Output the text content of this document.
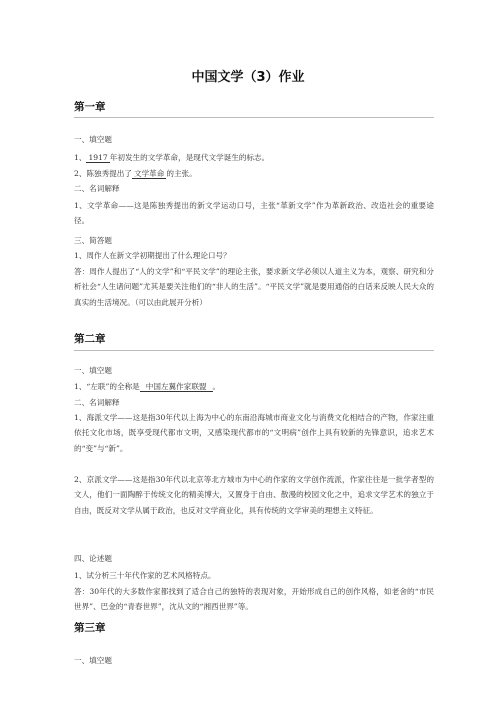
中国文学（3）作业
第一章
一、填空题
1、 1917 年初发生的文学革命，是现代文学诞生的标志。
2、陈独秀提出了 文学革命 的主张。
二、名词解释
1、文学革命——这是陈独秀提出的新文学运动口号，主张“革新文学”作为革新政治、改造社会的重要途径。
三、简答题
1、周作人在新文学初期提出了什么理论口号？
答：周作人提出了“人的文学”和“平民文学”的理论主张，要求新文学必须以人道主义为本，观察、研究和分析社会“人生诸问题”尤其是要关注他们的“非人的生活”。“平民文学”就是要用通俗的白话来反映人民大众的真实的生活境况。（可以由此展开分析）
第二章
一、填空题
1、“左联”的全称是 中国左翼作家联盟 。
二、名词解释
1、海派文学——这是指30年代以上海为中心的东南沿海城市商业文化与消费文化相结合的产物，作家注重依托文化市场，既享受现代都市文明，又感染现代都市的“文明病”创作上具有较新的先锋意识，追求艺术的“变”与“新”。
2、京派文学——这是指30年代以北京等北方城市为中心的作家的文学创作流派，作家往往是一批学者型的文人，他们一面陶醉于传统文化的精美博大，又置身于自由、散漫的校园文化之中，追求文学艺术的独立于自由，既反对文学从属于政治，也反对文学商业化，具有传统的文学审美的理想主义特征。
四、论述题
1、试分析三十年代作家的艺术风格特点。
答：30年代的大多数作家都找到了适合自己的独特的表现对象，开始形成自己的创作风格，如老舍的“市民世界”、巴金的“青春世界”，沈从文的“湘西世界”等。
第三章
一、填空题
